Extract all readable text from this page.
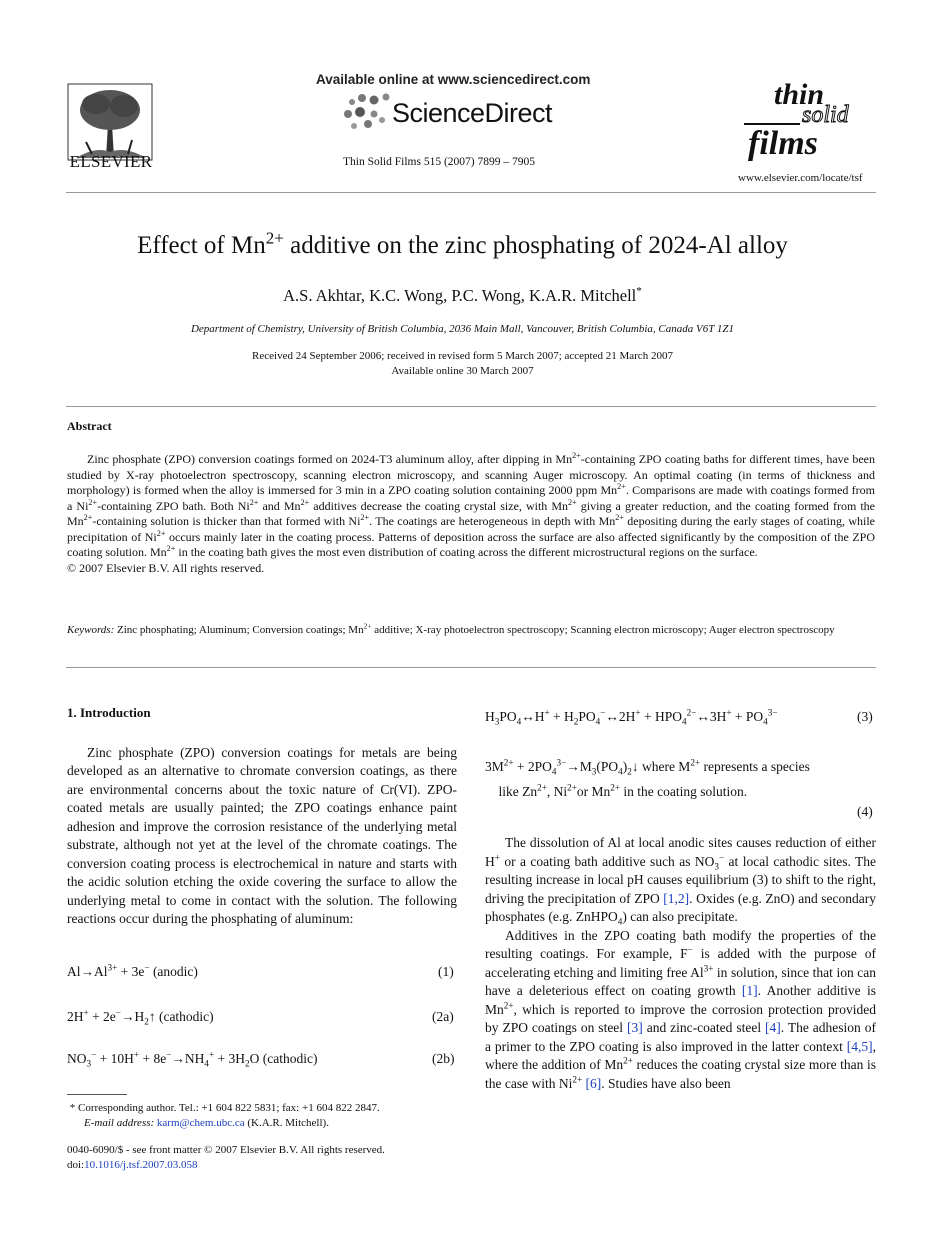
ELSEVIER
Available online at www.sciencedirect.com
ScienceDirect
Thin Solid Films 515 (2007) 7899 – 7905
thin
solid
films
www.elsevier.com/locate/tsf
Effect of $Mn^{2+}$ additive on the zinc phosphating of 2024-Al alloy
A.S. Akhtar, K.C. Wong, P.C. Wong, K.A.R. Mitchell*
Department of Chemistry, University of British Columbia, 2036 Main Mall, Vancouver, British Columbia, Canada V6T 1Z1
Received 24 September 2006; received in revised form 5 March 2007; accepted 21 March 2007
Available online 30 March 2007
Abstract

Zinc phosphate (ZPO) conversion coatings formed on 2024-T3 aluminum alloy, after dipping in $Mn^{2+}$-containing ZPO coating baths for different times, have been studied by X-ray photoelectron spectroscopy, scanning electron microscopy, and scanning Auger microscopy. An optimal coating (in terms of thickness and morphology) is formed when the alloy is immersed for 3 min in a ZPO coating solution containing 2000 ppm $Mn^{2+}$. Comparisons are made with coatings formed from a $Ni^{2+}$-containing ZPO bath. Both $Ni^{2+}$ and $Mn^{2+}$ additives decrease the coating crystal size, with $Mn^{2+}$ giving a greater reduction, and the coating formed from the $Mn^{2+}$-containing solution is thicker than that formed with $Ni^{2+}$. The coatings are heterogeneous in depth with $Mn^{2+}$ depositing during the early stages of coating, while precipitation of $Ni^{2+}$ occurs mainly later in the coating process. Patterns of deposition across the surface are also affected significantly by the composition of the ZPO coating solution. $Mn^{2+}$ in the coating bath gives the most even distribution of coating across the different microstructural regions on the surface.

© 2007 Elsevier B.V. All rights reserved.
Keywords: Zinc phosphating; Aluminum; Conversion coatings; $Mn^{2+}$ additive; X-ray photoelectron spectroscopy; Scanning electron microscopy; Auger electron spectroscopy
1. Introduction

Zinc phosphate (ZPO) conversion coatings for metals are being developed as an alternative to chromate conversion coatings, as there are environmental concerns about the toxic nature of Cr(VI). ZPO-coated metals are usually painted; the ZPO coatings enhance paint adhesion and improve the corrosion resistance of the underlying metal substrate, although not yet at the level of the chromate coatings. The conversion coating process is electrochemical in nature and starts with the acidic solution etching the oxide covering the surface to allow the underlying metal to come in contact with the solution. The following reactions occur during the phosphating of aluminum:

$Al\to Al^{3+} + 3e^-$ (anodic)	(1)
$2H^+ + 2e^-\to H_2↑$ (cathodic)	(2a)
$NO_3^- + 10H^+ + 8e^-\to NH_4^+ + 3H_2O$ (cathodic)	(2b)
* Corresponding author. Tel.: +1 604 822 5831; fax: +1 604 822 2847.
E-mail address: karm@chem.ubc.ca (K.A.R. Mitchell).
0040-6090/$ - see front matter © 2007 Elsevier B.V. All rights reserved.
doi:10.1016/j.tsf.2007.03.058
$H_3PO_4\leftrightarrow H^+$ + $H_2PO_4^-\leftrightarrow 2H^+$ + $HPO_4^{2-}\leftrightarrow 3H^+ + PO_4^{3-}$	(3)
$3M^{2+}$ + $2PO_4^{3-}\to M_3(PO_4)_2↓$ where $M^{2+}$ represents a species
like $Zn^{2+}$, $Ni^{2+}or$ $Mn^{2+}$ in the coating solution.
(4)

The dissolution of Al at local anodic sites causes reduction of either H+ or a coating bath additive such as $NO_3^-$ at local cathodic sites. The resulting increase in local pH causes equilibrium (3) to shift to the right, driving the precipitation of ZPO [1,2]. Oxides (e.g. ZnO) and secondary phosphates (e.g. ZnHPO$_4$) can also precipitate.

Additives in the ZPO coating bath modify the properties of the resulting coatings. For example, F− is added with the purpose of accelerating etching and limiting free $Al^{3+}$ in solution, since that ion can have a deleterious effect on coating growth [1]. Another additive is $Mn^{2+}$, which is reported to improve the corrosion protection provided by ZPO coatings on steel [3] and zinc-coated steel [4]. The adhesion of a primer to the ZPO coating is also improved in the latter context [4,5], where the addition of $Mn^{2+}$ reduces the coating crystal size more than is the case with $Ni^{2+}$ [6]. Studies have also been
